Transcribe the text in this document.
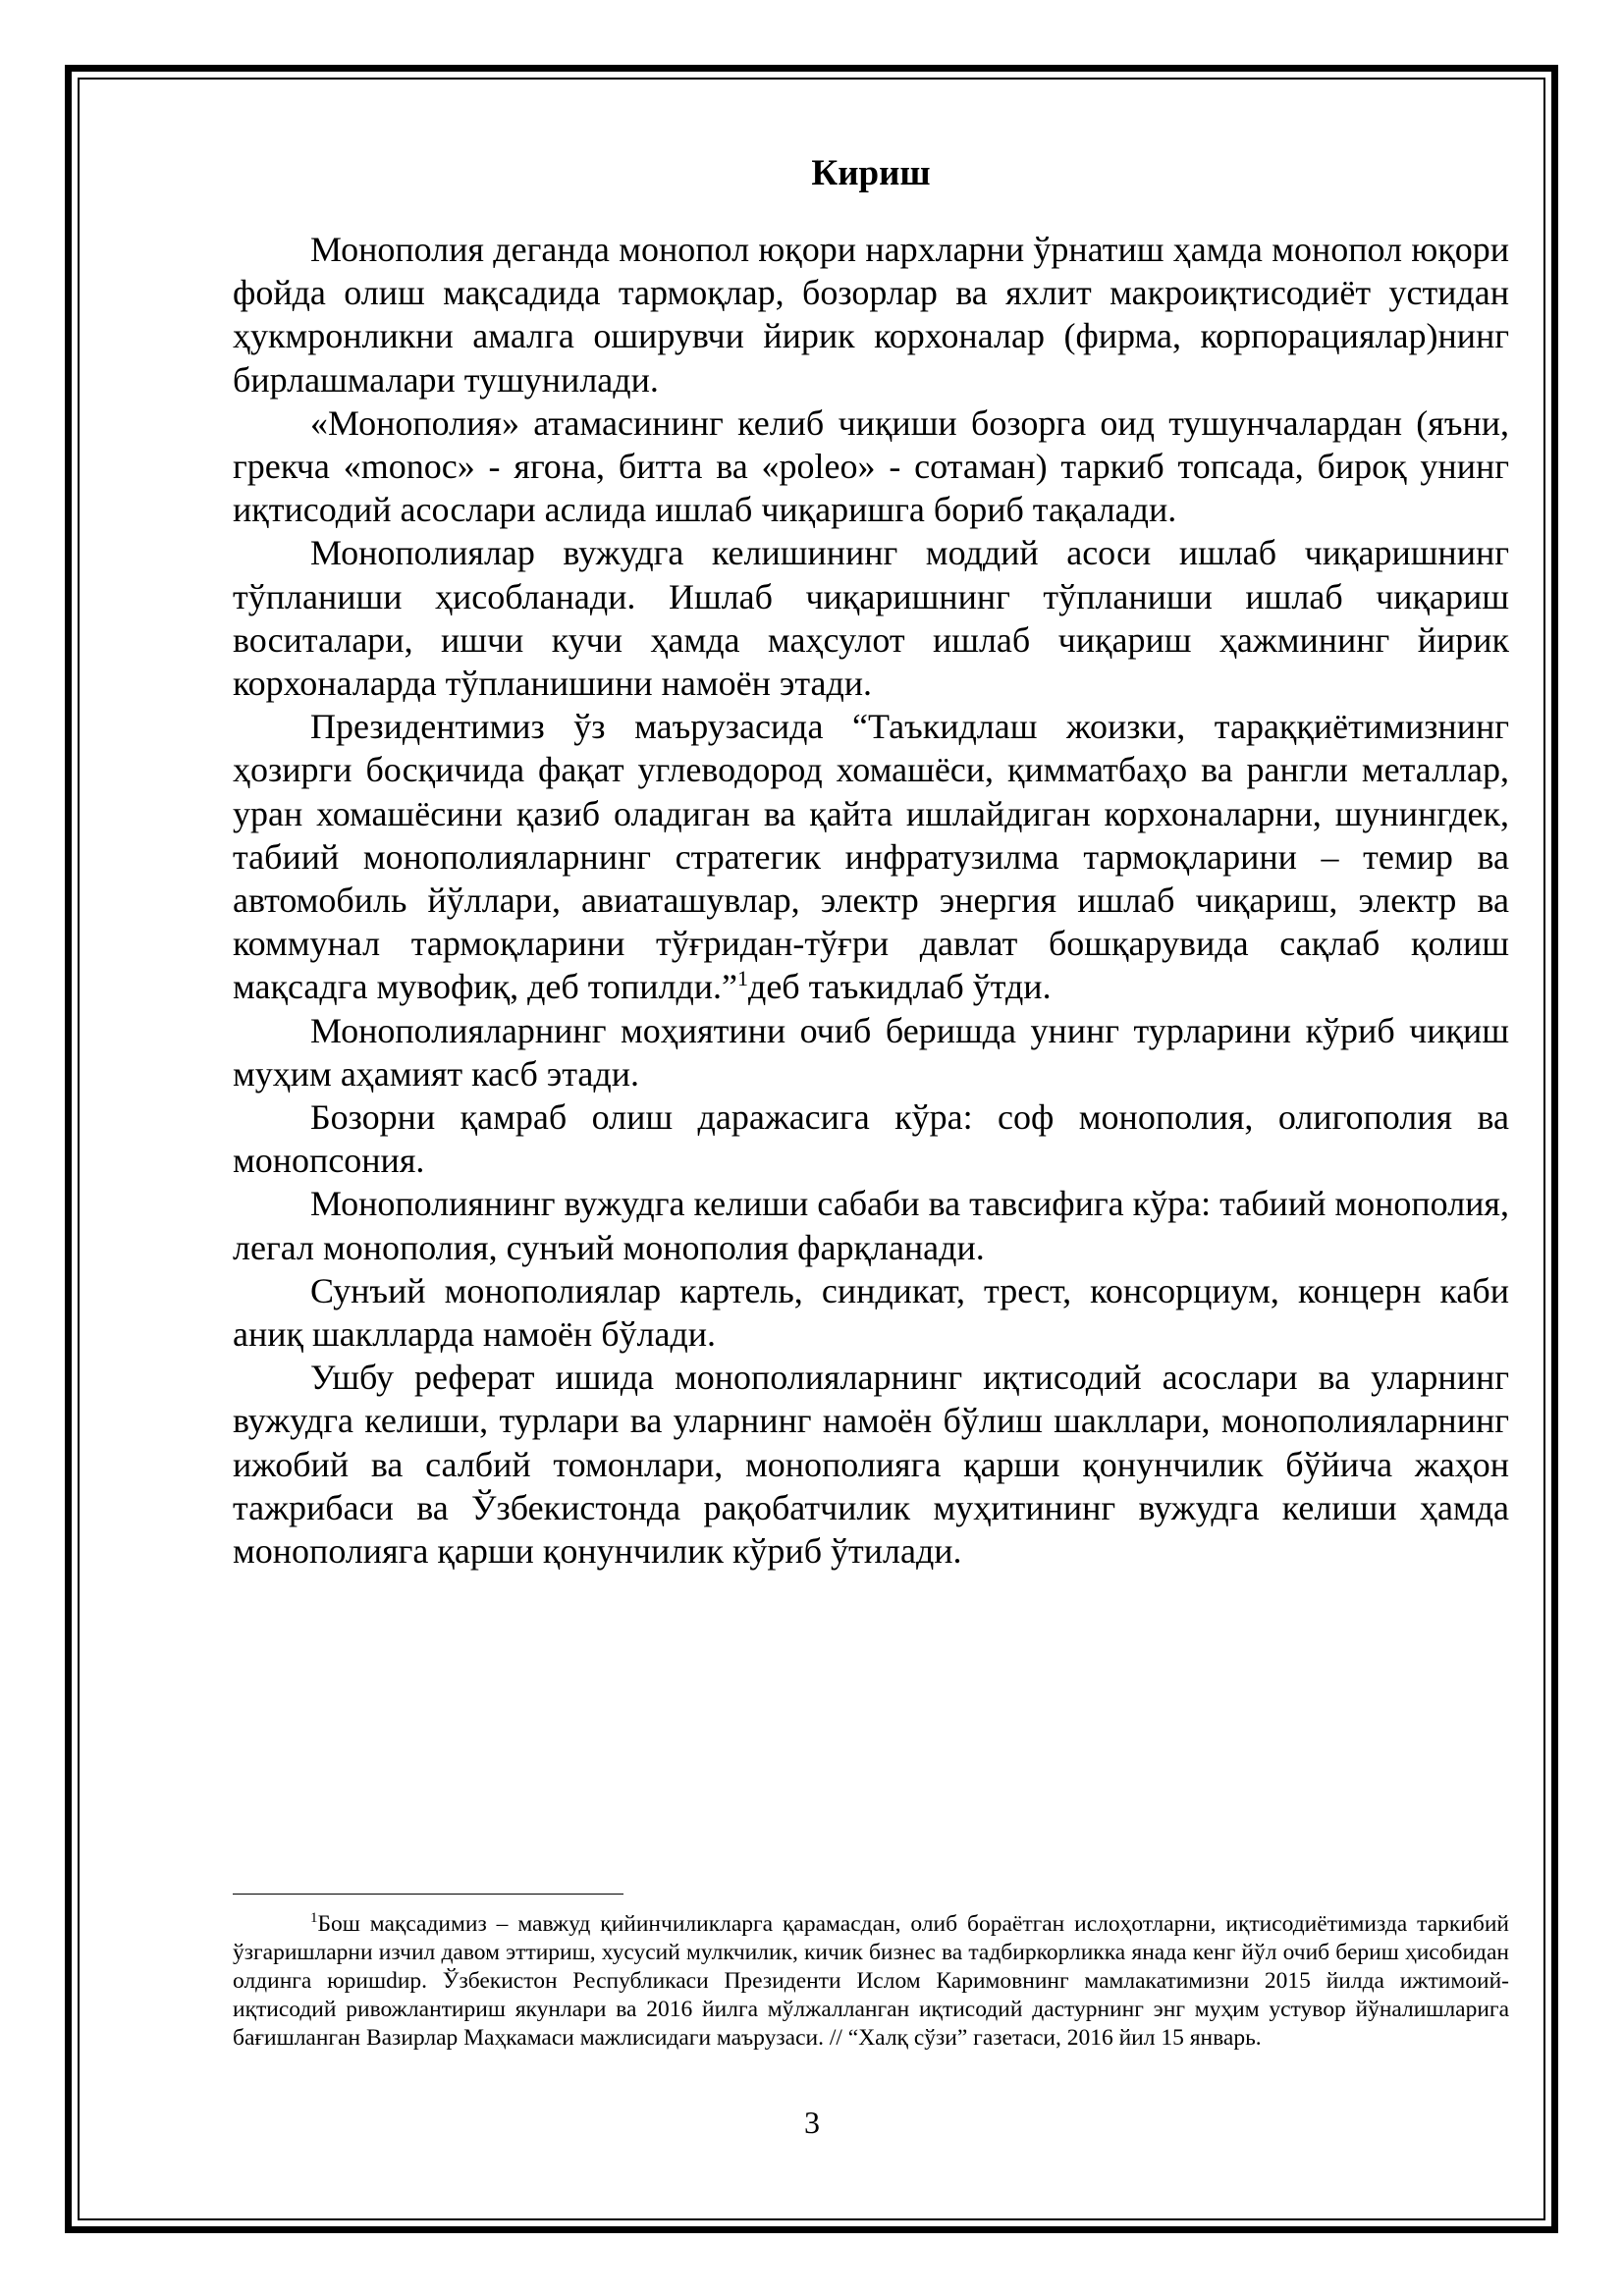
Кириш

Монополия деганда монопол юқори нархларни ўрнатиш ҳамда монопол юқори фойда олиш мақсадида тармоқлар, бозорлар ва яхлит макроиқтисодиёт устидан ҳукмронликни амалга оширувчи йирик корхоналар (фирма, корпорациялар)нинг бирлашмалари тушунилади.

«Монополия» атамасининг келиб чиқиши бозорга оид тушунчалардан (яъни, грекча «monoc» - ягона, битта ва «poleo» - сотаман) таркиб топсада, бироқ унинг иқтисодий асослари аслида ишлаб чиқаришга бориб тақалади.

Монополиялар вужудга келишининг моддий асоси ишлаб чиқаришнинг тўпланиши ҳисобланади. Ишлаб чиқаришнинг тўпланиши ишлаб чиқариш воситалари, ишчи кучи ҳамда маҳсулот ишлаб чиқариш ҳажмининг йирик корхоналарда тўпланишини намоён этади.

Президентимиз ўз маърузасида “Таъкидлаш жоизки, тараққиётимизнинг ҳозирги босқичида фақат углеводород хомашёси, қимматбаҳо ва рангли металлар, уран хомашёсини қазиб оладиган ва қайта ишлайдиган корхоналарни, шунингдек, табиий монополияларнинг стратегик инфратузилма тармоқларини – темир ва автомобиль йўллари, авиаташувлар, электр энергия ишлаб чиқариш, электр ва коммунал тармоқларини тўғридан-тўғри давлат бошқарувида сақлаб қолиш мақсадга мувофиқ, деб топилди.”$^1$деб таъкидлаб ўтди.

Монополияларнинг моҳиятини очиб беришда унинг турларини кўриб чиқиш муҳим аҳамият касб этади.

Бозорни қамраб олиш даражасига кўра: соф монополия, олигополия ва монопсония.

Монополиянинг вужудга келиши сабаби ва тавсифига кўра: табиий монополия, легал монополия, сунъий монополия фарқланади.

Сунъий монополиялар картель, синдикат, трест, консорциум, концерн каби аниқ шаклларда намоён бўлади.

Ушбу реферат ишида монополияларнинг иқтисодий асослари ва уларнинг вужудга келиши, турлари ва уларнинг намоён бўлиш шакллари, монополияларнинг ижобий ва салбий томонлари, монополияга қарши қонунчилик бўйича жаҳон тажрибаси ва Ўзбекистонда рақобатчилик муҳитининг вужудга келиши ҳамда монополияга қарши қонунчилик кўриб ўтилади.

$^1$Бош мақсадимиз – мавжуд қийинчиликларга қарамасдан, олиб бораётган ислоҳотларни, иқтисодиётимизда таркибий ўзгаришларни изчил давом эттириш, хусусий мулкчилик, кичик бизнес ва тадбиркорликка янада кенг йўл очиб бериш ҳисобидан олдинга юришdир. Ўзбекистон Республикаси Президенти Ислом Каримовнинг мамлакатимизни 2015 йилда ижтимоий-иқтисодий ривожлантириш якунлари ва 2016 йилга мўлжалланган иқтисодий дастурнинг энг муҳим устувор йўналишларига бағишланган Вазирлар Маҳкамаси мажлисидаги маърузаси. // “Халқ сўзи” газетаси, 2016 йил 15 январь.

3
